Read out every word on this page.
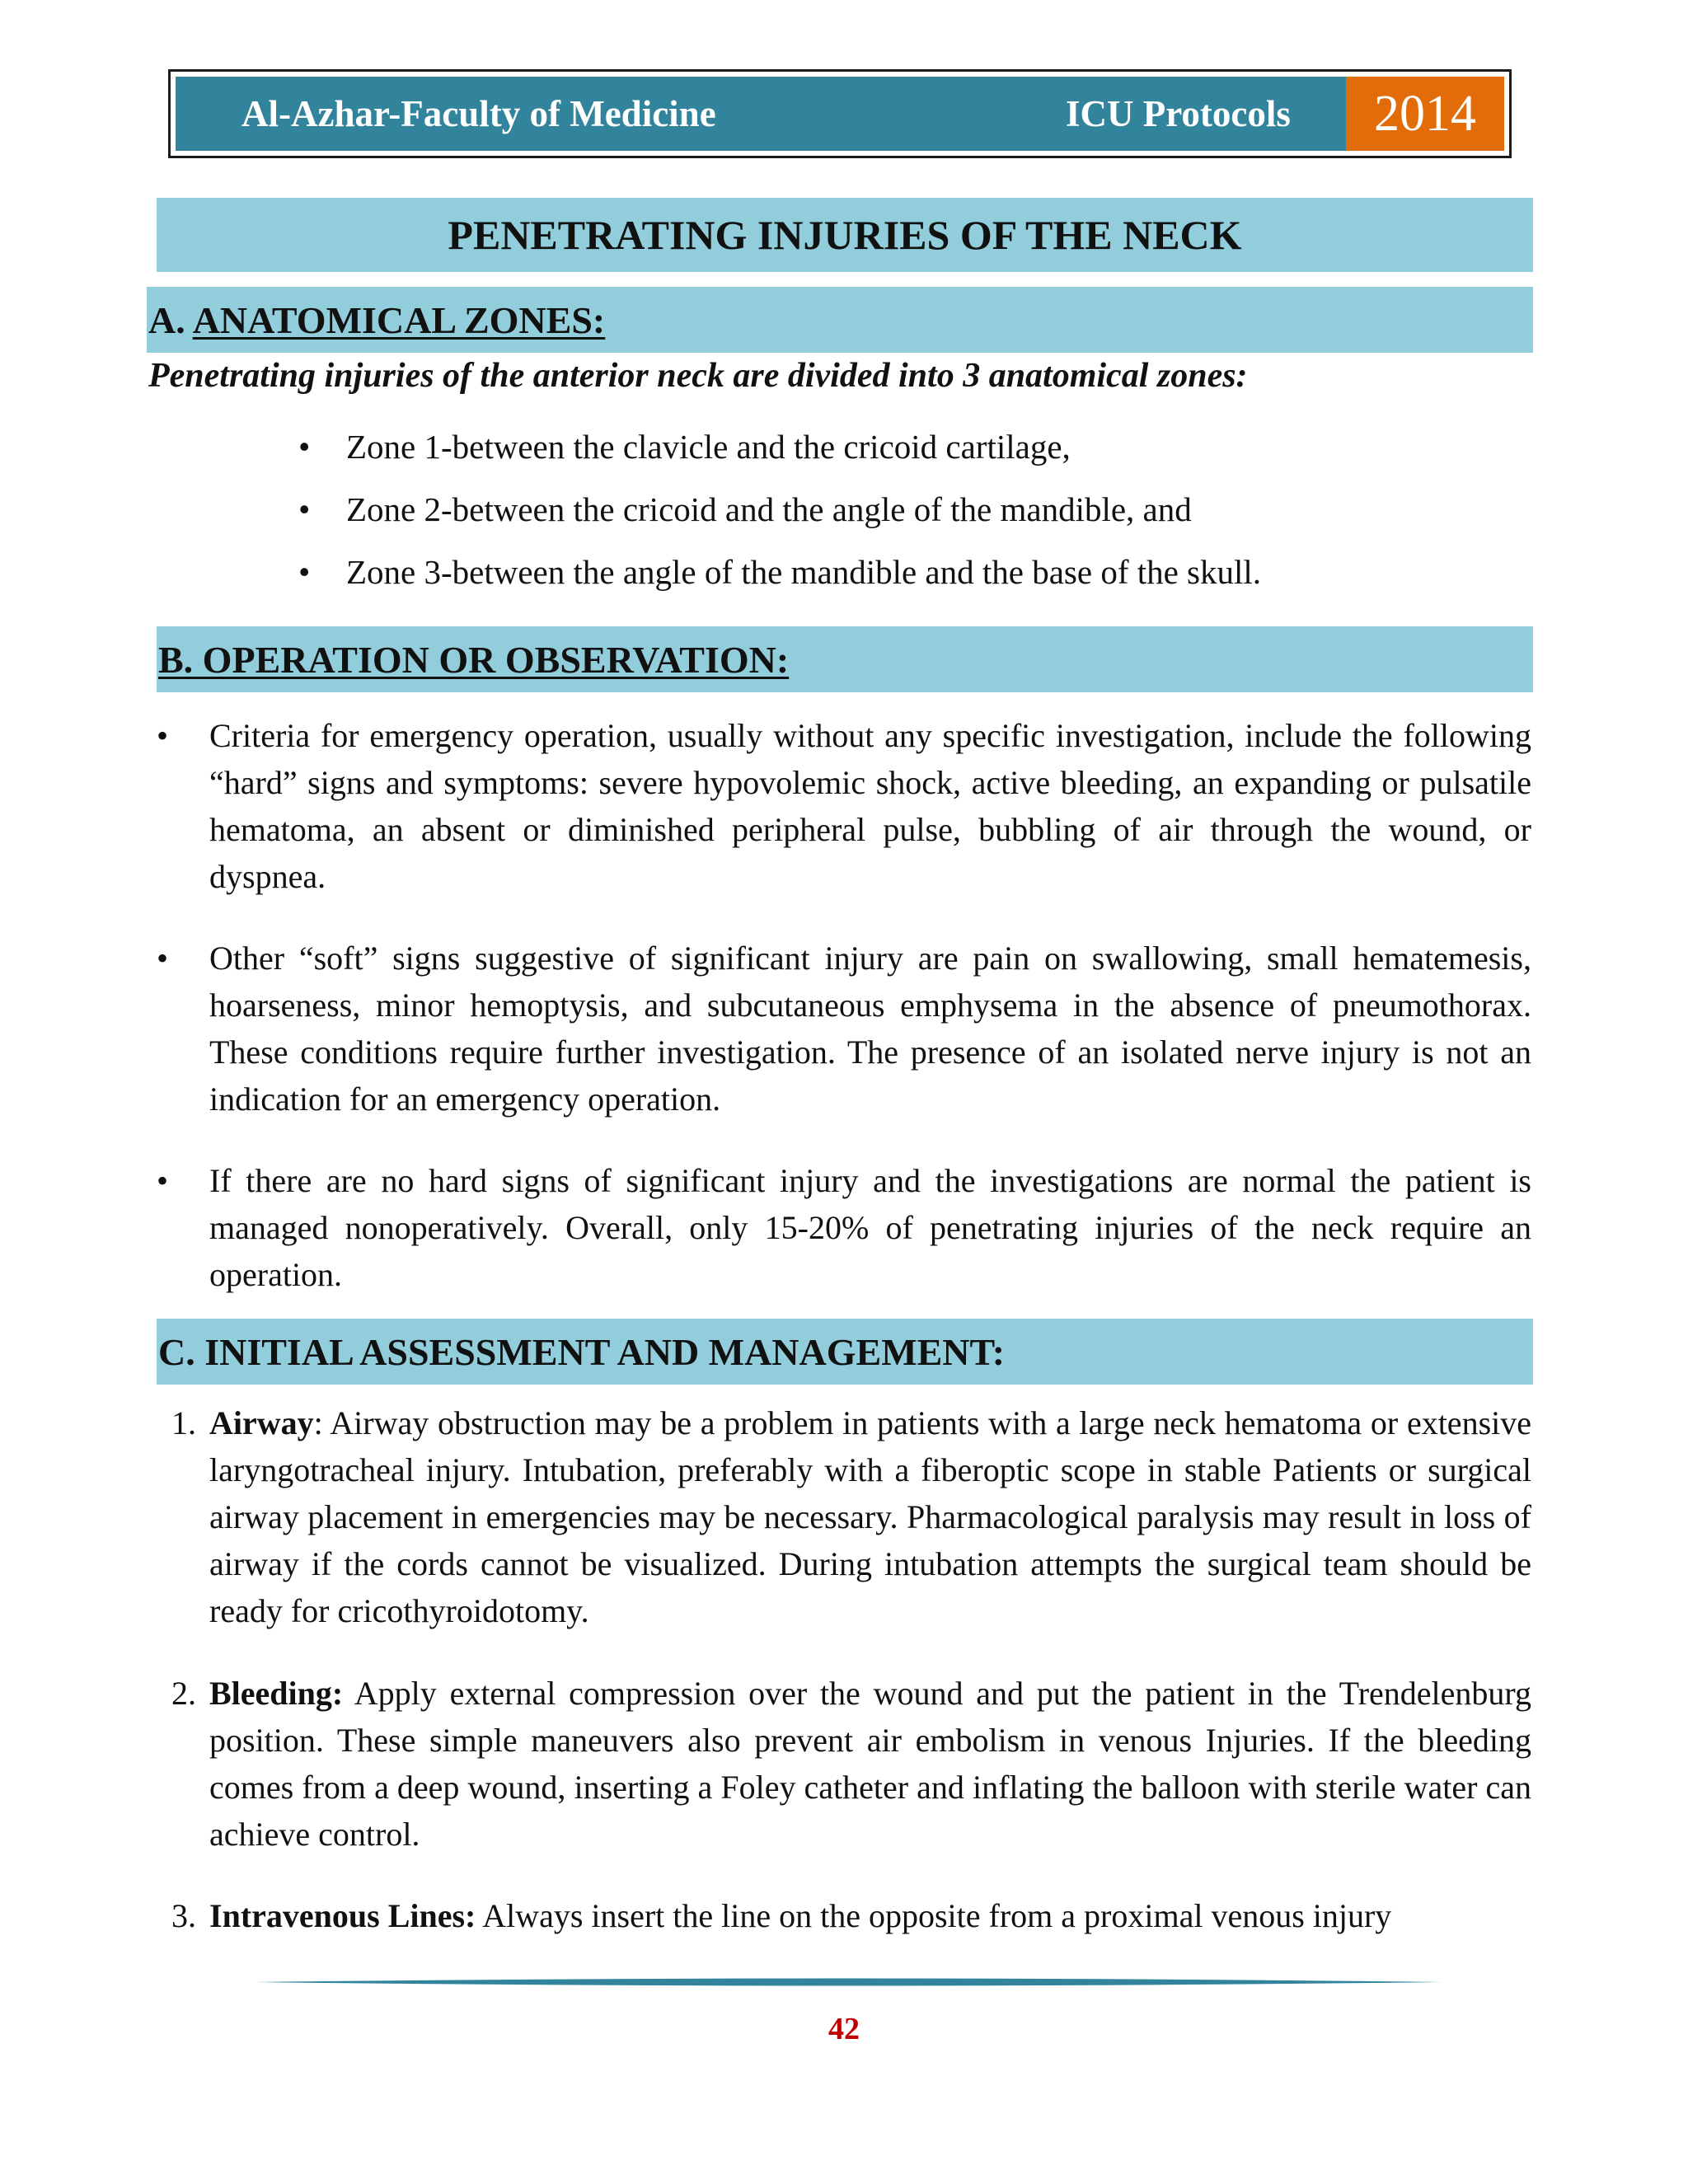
Al-Azhar-Faculty of Medicine	ICU Protocols	2014
PENETRATING INJURIES OF THE NECK
A. ANATOMICAL ZONES:
Penetrating injuries of the anterior neck are divided into 3 anatomical zones:
• Zone 1-between the clavicle and the cricoid cartilage,
• Zone 2-between the cricoid and the angle of the mandible, and
• Zone 3-between the angle of the mandible and the base of the skull.
B. OPERATION OR OBSERVATION:
• Criteria for emergency operation, usually without any specific investigation, include the following “hard” signs and symptoms: severe hypovolemic shock, active bleeding, an expanding or pulsatile hematoma, an absent or diminished peripheral pulse, bubbling of air through the wound, or dyspnea.
• Other “soft” signs suggestive of significant injury are pain on swallowing, small hematemesis, hoarseness, minor hemoptysis, and subcutaneous emphysema in the absence of pneumothorax. These conditions require further investigation. The presence of an isolated nerve injury is not an indication for an emergency operation.
• If there are no hard signs of significant injury and the investigations are normal the patient is managed nonoperatively. Overall, only 15-20% of penetrating injuries of the neck require an operation.
C. INITIAL ASSESSMENT AND MANAGEMENT:
1. Airway: Airway obstruction may be a problem in patients with a large neck hematoma or extensive laryngotracheal injury. Intubation, preferably with a fiberoptic scope in stable Patients or surgical airway placement in emergencies may be necessary. Pharmacological paralysis may result in loss of airway if the cords cannot be visualized. During intubation attempts the surgical team should be ready for cricothyroidotomy.
2. Bleeding: Apply external compression over the wound and put the patient in the Trendelenburg position. These simple maneuvers also prevent air embolism in venous Injuries. If the bleeding comes from a deep wound, inserting a Foley catheter and inflating the balloon with sterile water can achieve control.
3. Intravenous Lines: Always insert the line on the opposite from a proximal venous injury
42
